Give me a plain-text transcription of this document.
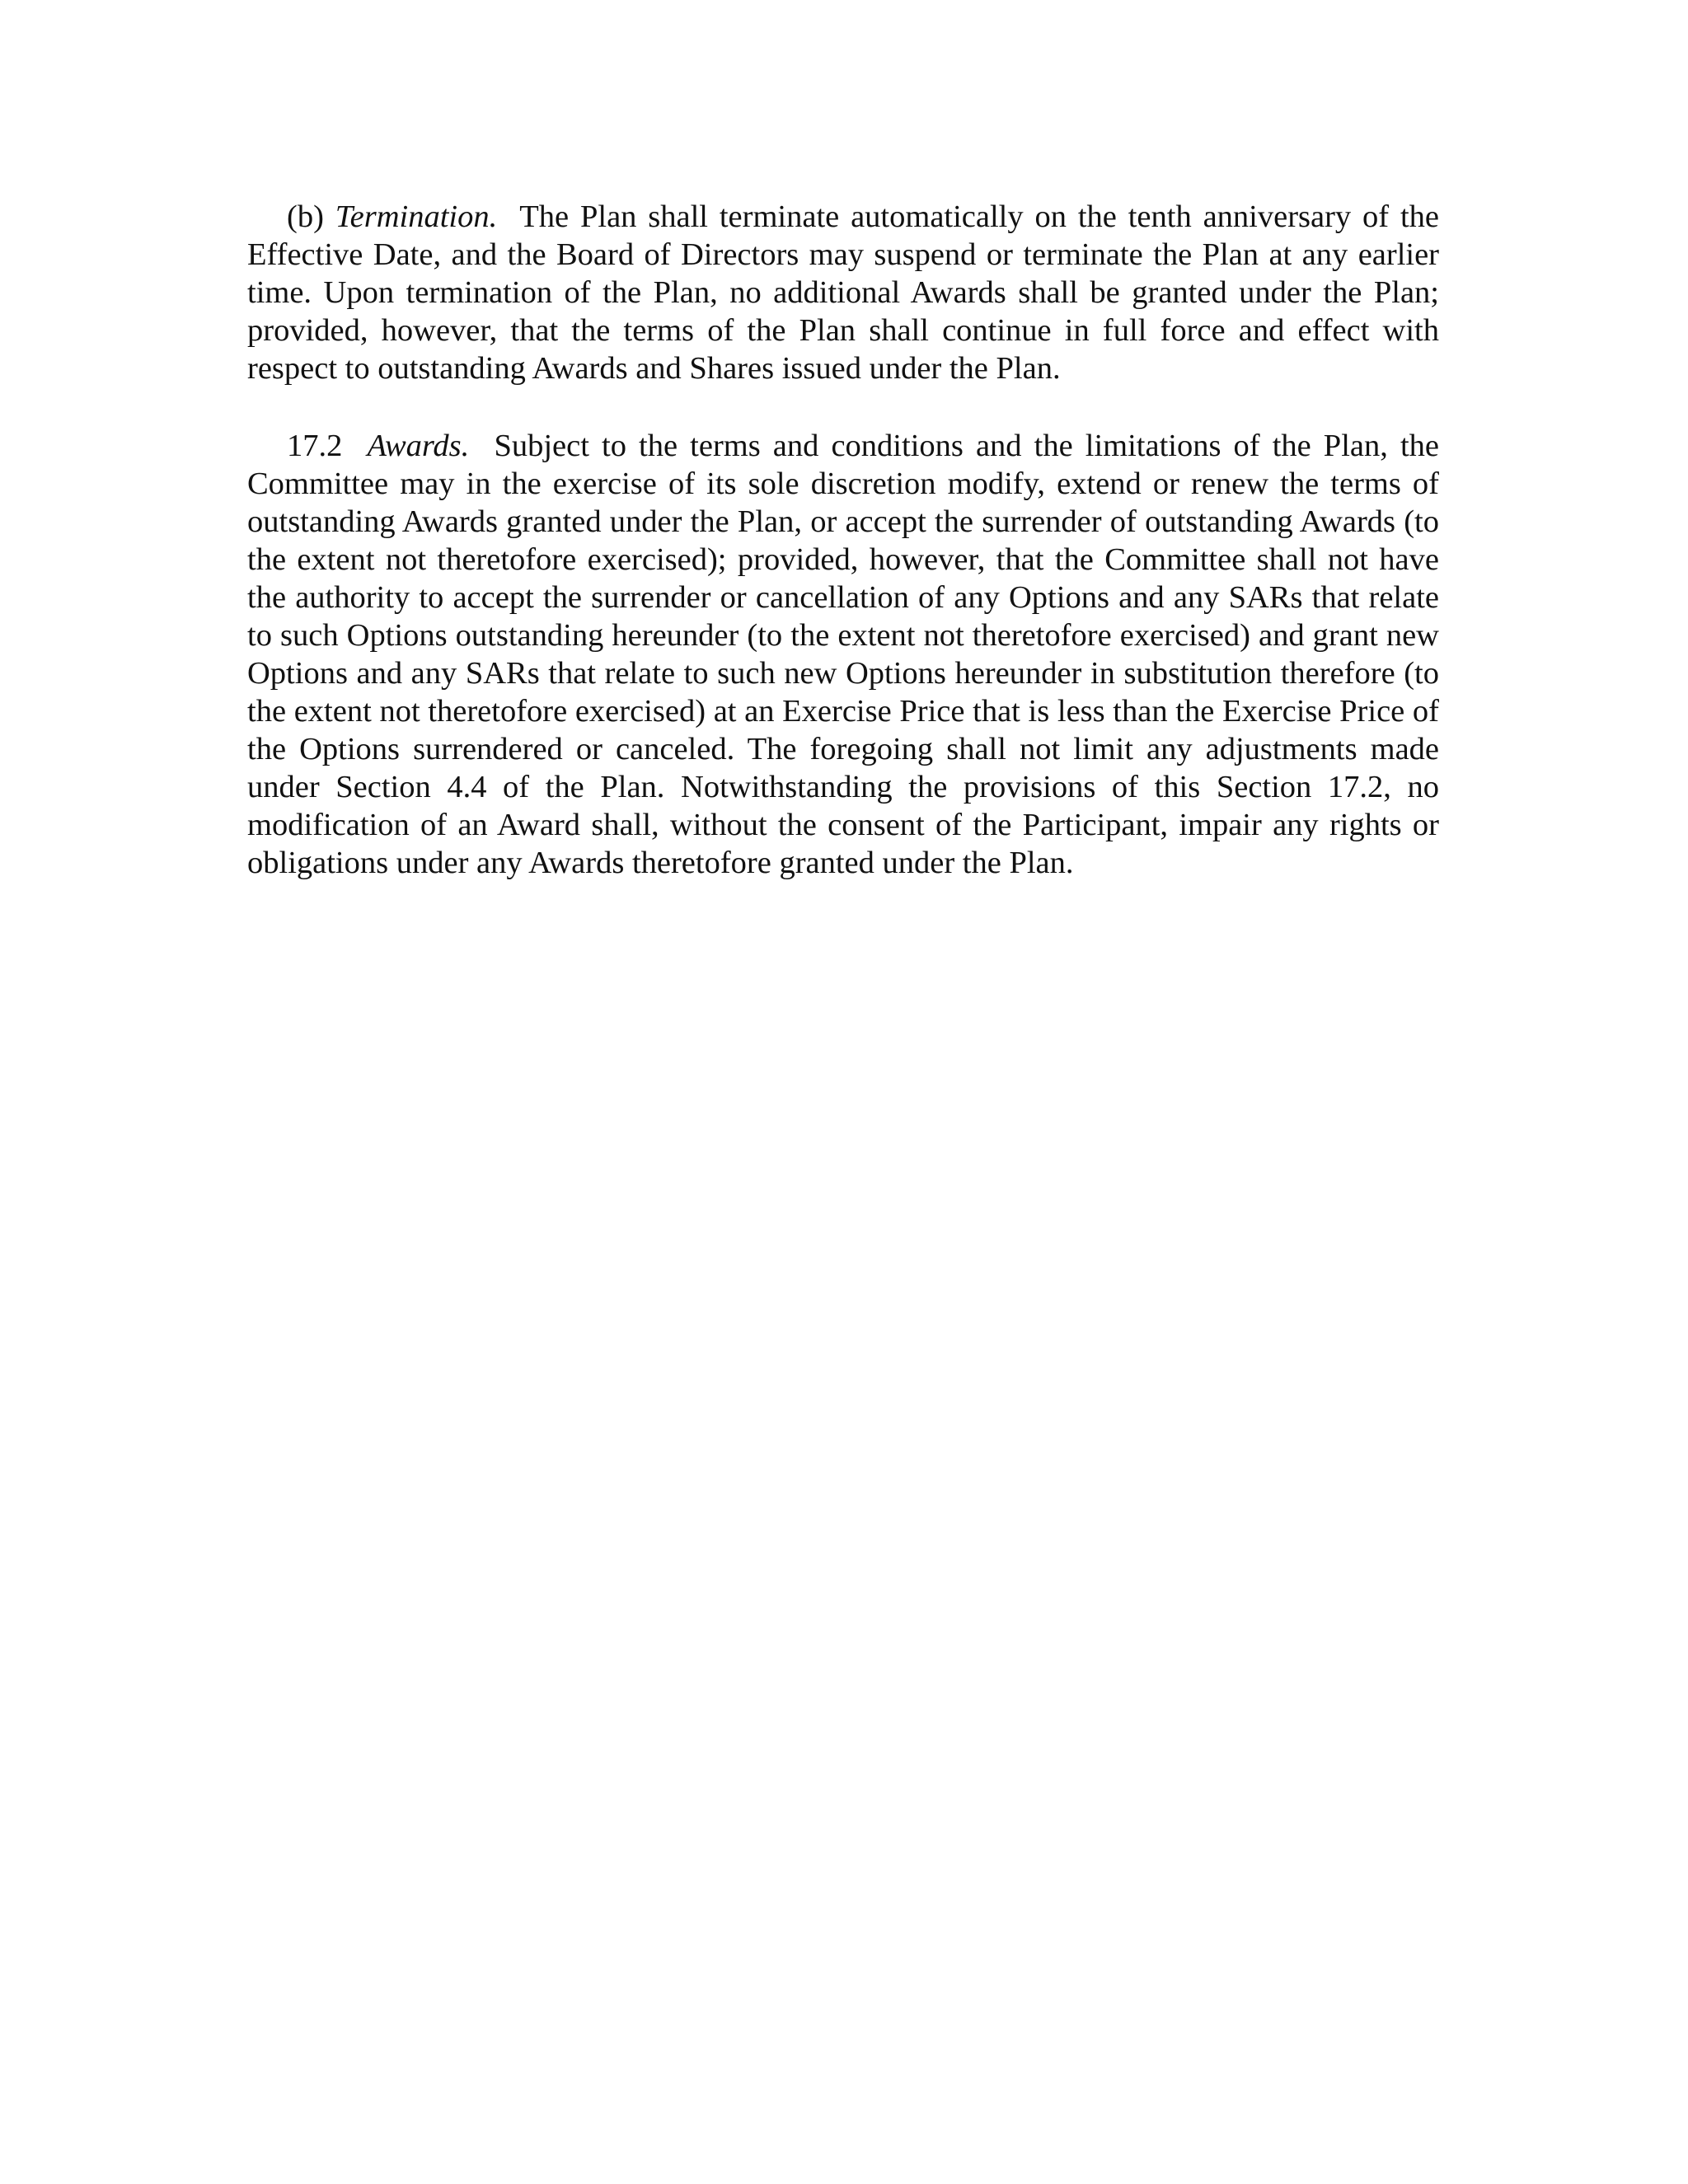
(b) Termination. The Plan shall terminate automatically on the tenth anniversary of the Effective Date, and the Board of Directors may suspend or terminate the Plan at any earlier time. Upon termination of the Plan, no additional Awards shall be granted under the Plan; provided, however, that the terms of the Plan shall continue in full force and effect with respect to outstanding Awards and Shares issued under the Plan.

17.2 Awards. Subject to the terms and conditions and the limitations of the Plan, the Committee may in the exercise of its sole discretion modify, extend or renew the terms of outstanding Awards granted under the Plan, or accept the surrender of outstanding Awards (to the extent not theretofore exercised); provided, however, that the Committee shall not have the authority to accept the surrender or cancellation of any Options and any SARs that relate to such Options outstanding hereunder (to the extent not theretofore exercised) and grant new Options and any SARs that relate to such new Options hereunder in substitution therefore (to the extent not theretofore exercised) at an Exercise Price that is less than the Exercise Price of the Options surrendered or canceled. The foregoing shall not limit any adjustments made under Section 4.4 of the Plan. Notwithstanding the provisions of this Section 17.2, no modification of an Award shall, without the consent of the Participant, impair any rights or obligations under any Awards theretofore granted under the Plan.
